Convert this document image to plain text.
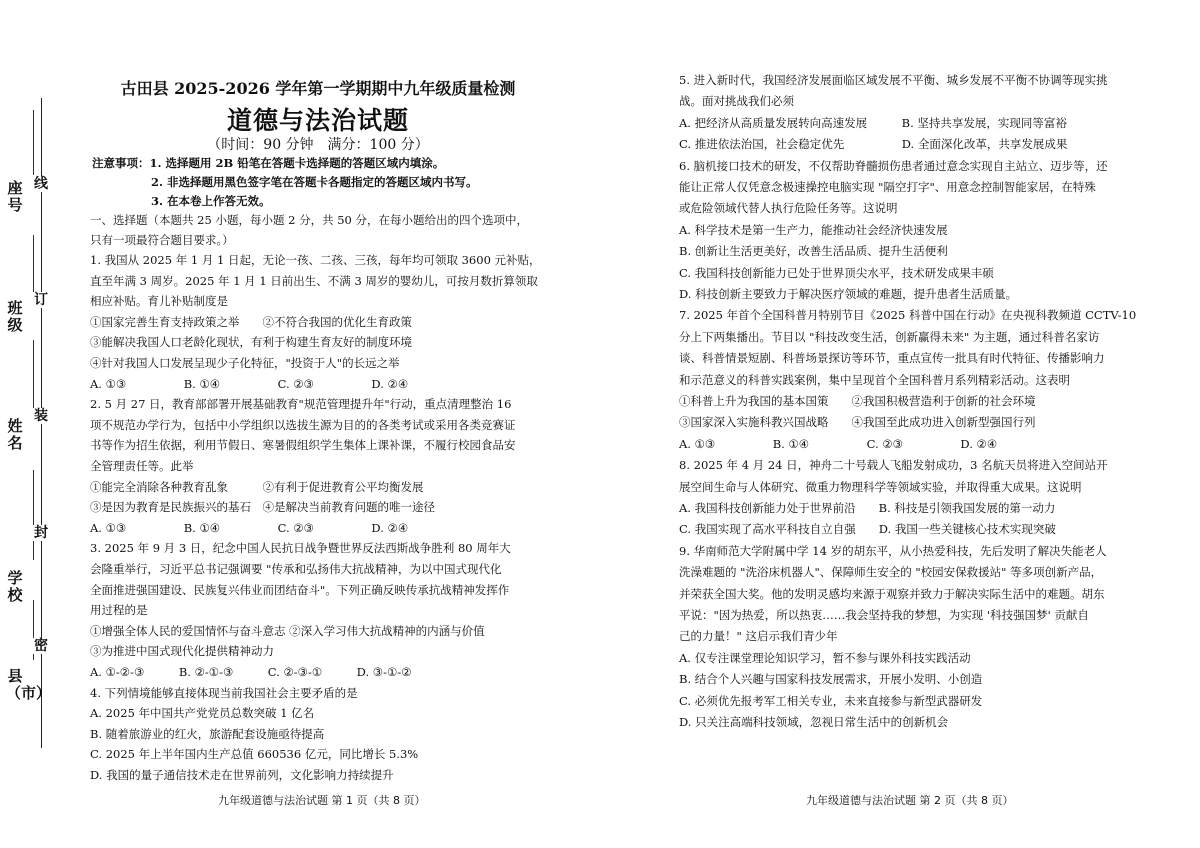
县（市）
学校
姓名
班级
座号
密
封
装
订
线
古田县 2025-2026 学年第一学期期中九年级质量检测
道德与法治试题
（时间：90 分钟　满分：100 分）
注意事项：1. 选择题用 2B 铅笔在答题卡选择题的答题区域内填涂。
2. 非选择题用黑色签字笔在答题卡各题指定的答题区域内书写。
3. 在本卷上作答无效。
一、选择题（本题共 25 小题，每小题 2 分，共 50 分，在每小题给出的四个选项中，
只有一项最符合题目要求。）
1. 我国从 2025 年 1 月 1 日起，无论一孩、二孩、三孩，每年均可领取 3600 元补贴，
直至年满 3 周岁。2025 年 1 月 1 日前出生、不满 3 周岁的婴幼儿，可按月数折算领取
相应补贴。育儿补贴制度是
①国家完善生育支持政策之举　　②不符合我国的优化生育政策
③能解决我国人口老龄化现状，有利于构建生育友好的制度环境
④针对我国人口发展呈现少子化特征，"投资于人"的长远之举
A. ①③　　　　　B. ①④　　　　　C. ②③　　　　　D. ②④
2. 5 月 27 日，教育部部署开展基础教育"规范管理提升年"行动，重点清理整治 16
项不规范办学行为，包括中小学组织以选拔生源为目的的各类考试或采用各类竞赛证
书等作为招生依据，利用节假日、寒暑假组织学生集体上课补课，不履行校园食品安
全管理责任等。此举
①能完全消除各种教育乱象　　　②有利于促进教育公平均衡发展
③是因为教育是民族振兴的基石　④是解决当前教育问题的唯一途径
A. ①③　　　　　B. ①④　　　　　C. ②③　　　　　D. ②④
3. 2025 年 9 月 3 日，纪念中国人民抗日战争暨世界反法西斯战争胜利 80 周年大
会隆重举行，习近平总书记强调要 "传承和弘扬伟大抗战精神，为以中国式现代化
全面推进强国建设、民族复兴伟业而团结奋斗"。下列正确反映传承抗战精神发挥作
用过程的是
①增强全体人民的爱国情怀与奋斗意志 ②深入学习伟大抗战精神的内涵与价值
③为推进中国式现代化提供精神动力
A. ①-②-③　　　B. ②-①-③　　　C. ②-③-①　　　D. ③-①-②
4. 下列情境能够直接体现当前我国社会主要矛盾的是
A. 2025 年中国共产党党员总数突破 1 亿名
B. 随着旅游业的红火，旅游配套设施亟待提高
C. 2025 年上半年国内生产总值 660536 亿元，同比增长 5.3%
D. 我国的量子通信技术走在世界前列，文化影响力持续提升
5. 进入新时代，我国经济发展面临区域发展不平衡、城乡发展不平衡不协调等现实挑
战。面对挑战我们必须
A. 把经济从高质量发展转向高速发展　　　B. 坚持共享发展，实现同等富裕
C. 推进依法治国，社会稳定优先　　　　　D. 全面深化改革，共享发展成果
6. 脑机接口技术的研发，不仅帮助脊髓损伤患者通过意念实现自主站立、迈步等，还
能让正常人仅凭意念极速操控电脑实现 "隔空打字"、用意念控制智能家居，在特殊
或危险领域代替人执行危险任务等。这说明
A. 科学技术是第一生产力，能推动社会经济快速发展
B. 创新让生活更美好，改善生活品质、提升生活便利
C. 我国科技创新能力已处于世界顶尖水平，技术研发成果丰硕
D. 科技创新主要致力于解决医疗领域的难题，提升患者生活质量。
7. 2025 年首个全国科普月特别节目《2025 科普中国在行动》在央视科教频道 CCTV-10
分上下两集播出。节目以 "科技改变生活，创新赢得未来" 为主题，通过科普名家访
谈、科普情景短剧、科普场景探访等环节，重点宣传一批具有时代特征、传播影响力
和示范意义的科普实践案例，集中呈现首个全国科普月系列精彩活动。这表明
①科普上升为我国的基本国策　　②我国积极营造利于创新的社会环境
③国家深入实施科教兴国战略　　④我国至此成功进入创新型强国行列
A. ①③　　　　　B. ①④　　　　　C. ②③　　　　　D. ②④
8. 2025 年 4 月 24 日，神舟二十号载人飞船发射成功，3 名航天员将进入空间站开
展空间生命与人体研究、微重力物理科学等领域实验，并取得重大成果。这说明
A. 我国科技创新能力处于世界前沿　　B. 科技是引领我国发展的第一动力
C. 我国实现了高水平科技自立自强　　D. 我国一些关键核心技术实现突破
9. 华南师范大学附属中学 14 岁的胡东平，从小热爱科技，先后发明了解决失能老人
洗澡难题的 "洗浴床机器人"、保障师生安全的 "校园安保救援站" 等多项创新产品，
并荣获全国大奖。他的发明灵感均来源于观察并致力于解决实际生活中的难题。胡东
平说："因为热爱，所以热衷……我会坚持我的梦想，为实现 '科技强国梦' 贡献自
己的力量！" 这启示我们青少年
A. 仅专注课堂理论知识学习，暂不参与课外科技实践活动
B. 结合个人兴趣与国家科技发展需求，开展小发明、小创造
C. 必须优先报考军工相关专业，未来直接参与新型武器研发
D. 只关注高端科技领域，忽视日常生活中的创新机会
九年级道德与法治试题 第 1 页（共 8 页）	九年级道德与法治试题 第 2 页（共 8 页）
